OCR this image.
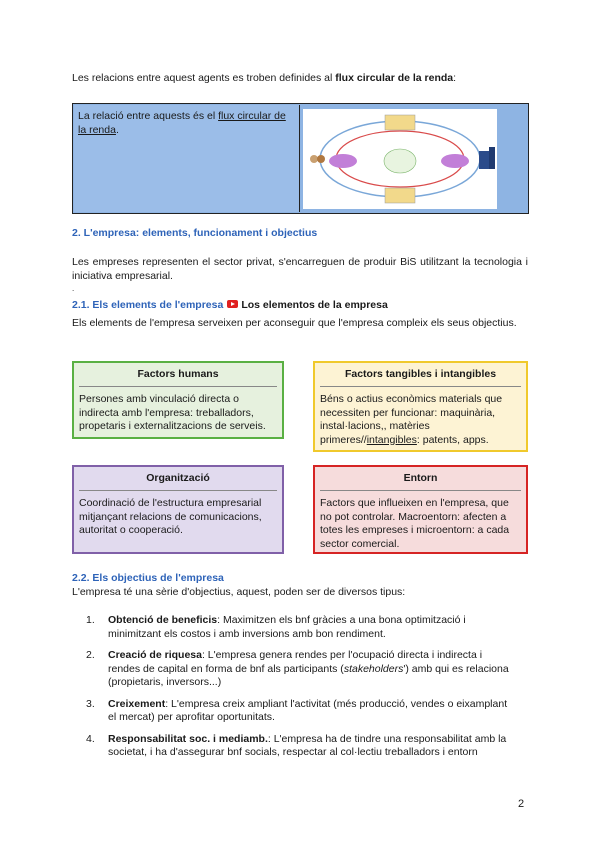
Les relacions entre aquest agents es troben definides al flux circular de la renda:
La relació entre aquests és el flux circular de la renda.
2. L'empresa: elements, funcionament i objectius
Les empreses representen el sector privat, s'encarreguen de produir BiS utilitzant la tecnologia i iniciativa empresarial.
.
2.1. Els elements de l'empresa Los elementos de la empresa
Els elements de l'empresa serveixen per aconseguir que l'empresa compleix els seus objectius.
Factors humans
Persones amb vinculació directa o indirecta amb l'empresa: treballadors, propetaris i externalitzacions de serveis.
Factors tangibles i intangibles
Béns o actius econòmics materials que necessiten per funcionar: maquinària, instal·lacions,, matèries primeres//intangibles: patents, apps.
Organització
Coordinació de l'estructura empresarial mitjançant relacions de comunicacions, autoritat o cooperació.
Entorn
Factors que influeixen en l'empresa, que no pot controlar. Macroentorn: afecten a totes les empreses i microentorn: a cada sector comercial.
2.2. Els objectius de l'empresa
L'empresa té una sèrie d'objectius, aquest, poden ser de diversos tipus:
1. Obtenció de beneficis: Maximitzen els bnf gràcies a una bona optimització i minimitzant els costos i amb inversions amb bon rendiment.
2. Creació de riquesa: L'empresa genera rendes per l'ocupació directa i indirecta i rendes de capital en forma de bnf als participants (stakeholders') amb qui es relaciona (propietaris, inversors...)
3. Creixement: L'empresa creix ampliant l'activitat (més producció, vendes o eixamplant el mercat) per aprofitar oportunitats.
4. Responsabilitat soc. i mediamb.: L'empresa ha de tindre una responsabilitat amb la societat, i ha d'assegurar bnf socials, respectar al col·lectiu treballadors i entorn
2
